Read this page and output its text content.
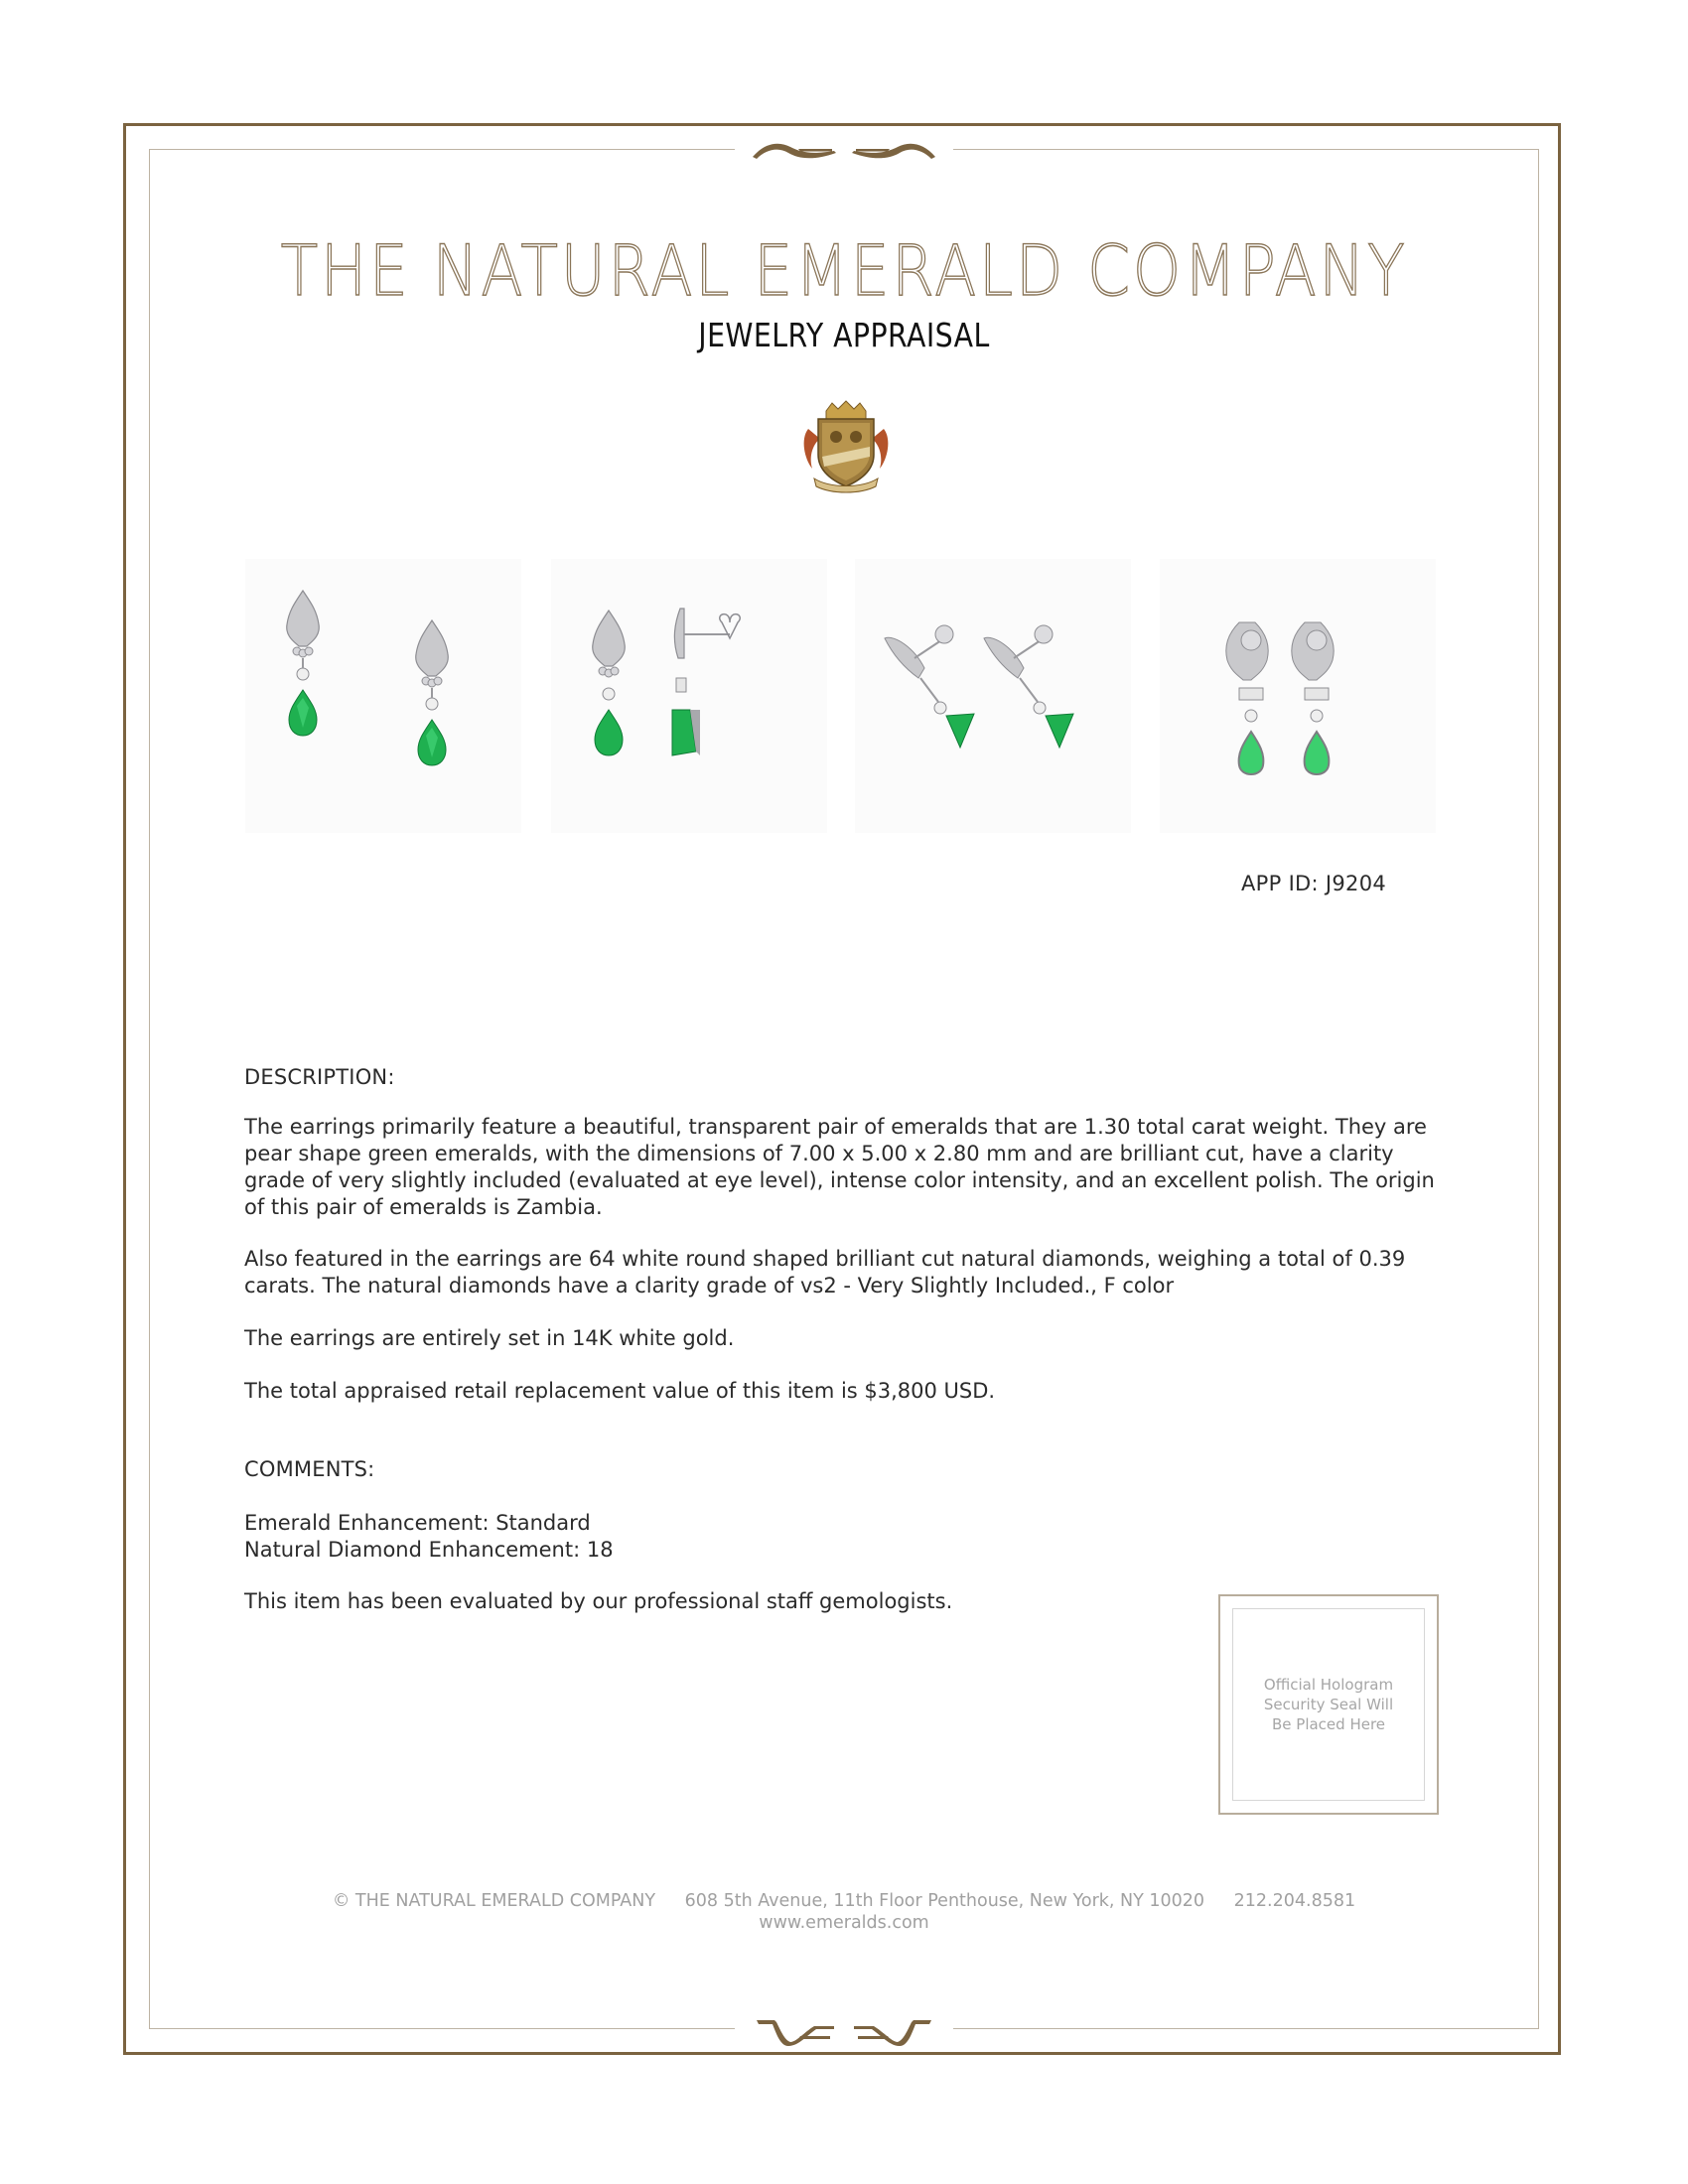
THE NATURAL EMERALD COMPANY
JEWELRY APPRAISAL
APP ID: J9204
DESCRIPTION:

The earrings primarily feature a beautiful, transparent pair of emeralds that are 1.30 total carat weight. They are pear shape green emeralds, with the dimensions of 7.00 x 5.00 x 2.80 mm and are brilliant cut, have a clarity grade of very slightly included (evaluated at eye level), intense color intensity, and an excellent polish. The origin of this pair of emeralds is Zambia.

Also featured in the earrings are 64 white round shaped brilliant cut natural diamonds, weighing a total of 0.39 carats. The natural diamonds have a clarity grade of vs2 - Very Slightly Included., F color

The earrings are entirely set in 14K white gold.

The total appraised retail replacement value of this item is $3,800 USD.

COMMENTS:

Emerald Enhancement: Standard

Natural Diamond Enhancement: 18

This item has been evaluated by our professional staff gemologists.

Official Hologram Security Seal Will Be Placed Here
© THE NATURAL EMERALD COMPANY 608 5th Avenue, 11th Floor Penthouse, New York, NY 10020 212.204.8581
www.emeralds.com
